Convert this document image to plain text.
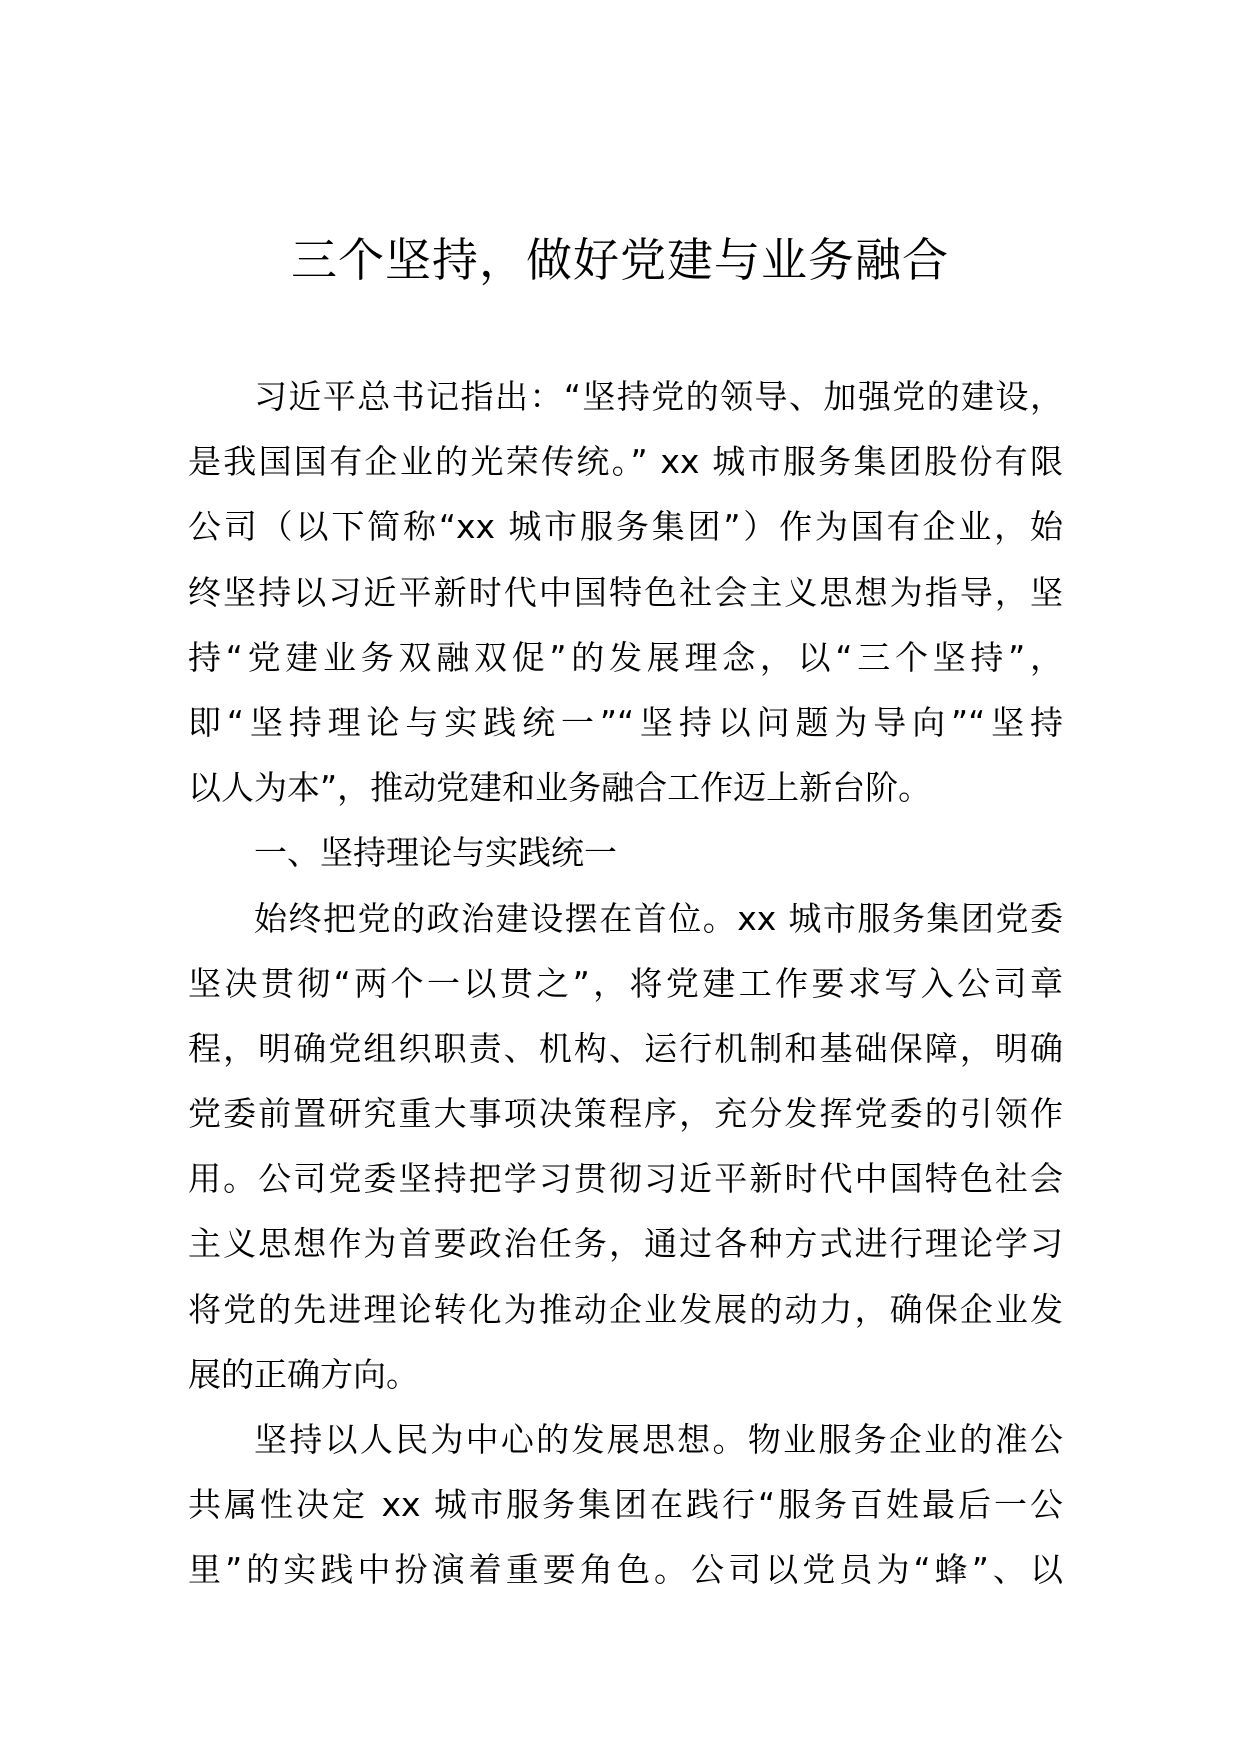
三个坚持，做好党建与业务融合
习近平总书记指出：“坚持党的领导、加强党的建设，
是我国国有企业的光荣传统。” xx 城市服务集团股份有限
公司（以下简称“xx 城市服务集团”）作为国有企业，始
终坚持以习近平新时代中国特色社会主义思想为指导，坚
持“党建业务双融双促”的发展理念，以“三个坚持”，
即“坚持理论与实践统一”“坚持以问题为导向”“坚持
以人为本”，推动党建和业务融合工作迈上新台阶。
一、坚持理论与实践统一
始终把党的政治建设摆在首位。xx 城市服务集团党委
坚决贯彻“两个一以贯之”，将党建工作要求写入公司章
程，明确党组织职责、机构、运行机制和基础保障，明确
党委前置研究重大事项决策程序，充分发挥党委的引领作
用。公司党委坚持把学习贯彻习近平新时代中国特色社会
主义思想作为首要政治任务，通过各种方式进行理论学习
将党的先进理论转化为推动企业发展的动力，确保企业发
展的正确方向。
坚持以人民为中心的发展思想。物业服务企业的准公
共属性决定 xx 城市服务集团在践行“服务百姓最后一公
里”的实践中扮演着重要角色。公司以党员为“蜂”、以
